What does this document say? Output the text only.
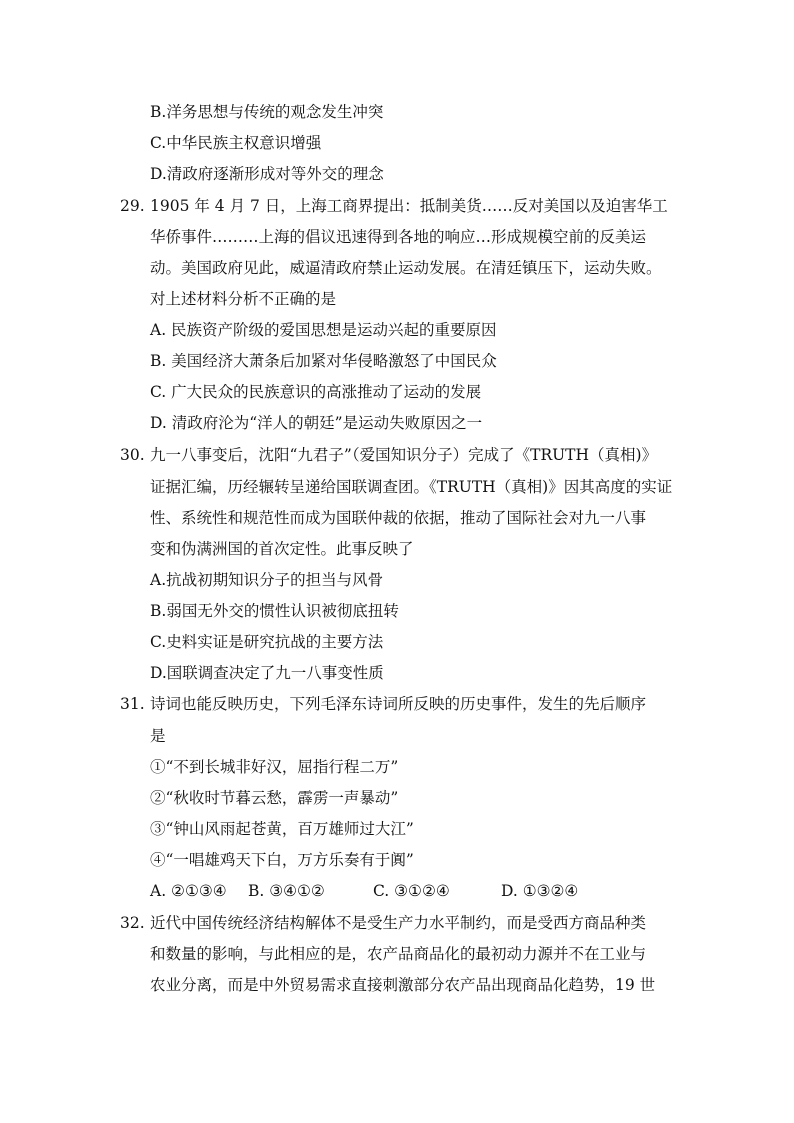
B.洋务思想与传统的观念发生冲突
C.中华民族主权意识增强
D.清政府逐渐形成对等外交的理念
29. 1905 年 4 月 7 日，上海工商界提出：抵制美货……反对美国以及迫害华工
华侨事件………上海的倡议迅速得到各地的响应…形成规模空前的反美运
动。美国政府见此，威逼清政府禁止运动发展。在清廷镇压下，运动失败。
对上述材料分析不正确的是
A. 民族资产阶级的爱国思想是运动兴起的重要原因
B. 美国经济大萧条后加紧对华侵略激怒了中国民众
C. 广大民众的民族意识的高涨推动了运动的发展
D. 清政府沦为“洋人的朝廷”是运动失败原因之一
30. 九一八事变后，沈阳“九君子”（爱国知识分子）完成了《TRUTH（真相)》
证据汇编，历经辗转呈递给国联调查团。《TRUTH（真相)》因其高度的实证
性、系统性和规范性而成为国联仲裁的依据，推动了国际社会对九一八事
变和伪满洲国的首次定性。此事反映了
A.抗战初期知识分子的担当与风骨
B.弱国无外交的惯性认识被彻底扭转
C.史料实证是研究抗战的主要方法
D.国联调查决定了九一八事变性质
31. 诗词也能反映历史，下列毛泽东诗词所反映的历史事件，发生的先后顺序
是
①“不到长城非好汉，屈指行程二万”
②“秋收时节暮云愁，霹雳一声暴动”
③“钟山风雨起苍黄，百万雄师过大江”
④“一唱雄鸡天下白，万方乐奏有于阗”
A. ②①③④ B. ③④①②	C. ③①②④	D. ①③②④
32. 近代中国传统经济结构解体不是受生产力水平制约，而是受西方商品种类
和数量的影响，与此相应的是，农产品商品化的最初动力源并不在工业与
农业分离，而是中外贸易需求直接刺激部分农产品出现商品化趋势，19 世
